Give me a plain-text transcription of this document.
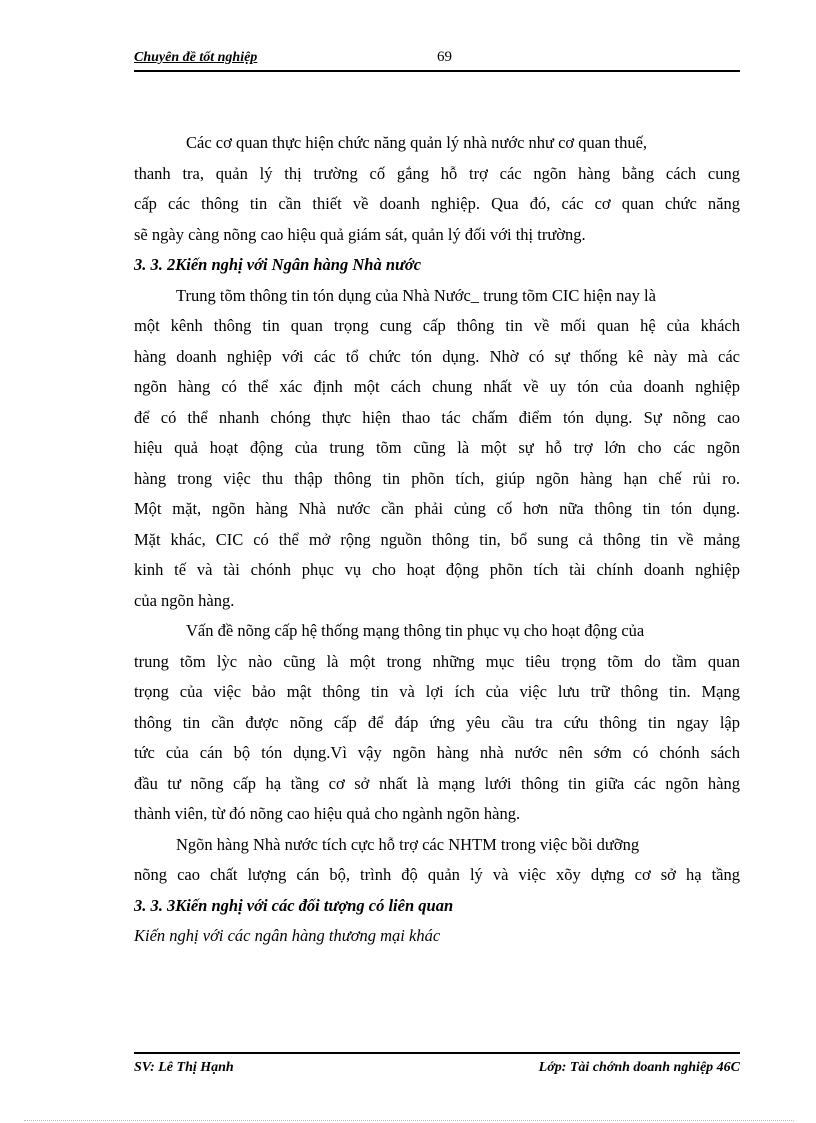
Chuyên đề tốt nghiệp	69
Các cơ quan thực hiện chức năng quản lý nhà nước như cơ quan thuế,
thanh tra, quản lý thị trường cố gắng hỗ trợ các ngõn hàng bằng cách cung
cấp các thông tin cần thiết về doanh nghiệp. Qua đó, các cơ quan chức năng
sẽ ngày càng nõng cao hiệu quả giám sát, quản lý đối với thị trường.
3. 3. 2Kiến nghị với Ngân hàng Nhà nước
Trung tõm thông tin tón dụng của Nhà Nước_ trung tõm CIC hiện nay là
một kênh thông tin quan trọng cung cấp thông tin về mối quan hệ của khách
hàng doanh nghiệp với các tổ chức tón dụng. Nhờ có sự thống kê này mà các
ngõn hàng có thể xác định một cách chung nhất về uy tón của doanh nghiệp
để có thể nhanh chóng thực hiện thao tác chấm điểm tón dụng. Sự nõng cao
hiệu quả hoạt động của trung tõm cũng là một sự hỗ trợ lớn cho các ngõn
hàng trong việc thu thập thông tin phõn tích, giúp ngõn hàng hạn chế rủi ro.
Một mặt, ngõn hàng Nhà nước cần phải củng cố hơn nữa thông tin tón dụng.
Mặt khác, CIC có thể mở rộng nguồn thông tin, bổ sung cả thông tin về mảng
kinh tế và tài chónh phục vụ cho hoạt động phõn tích tài chính doanh nghiệp
của ngõn hàng.
Vấn đề nõng cấp hệ thống mạng thông tin phục vụ cho hoạt động của
trung tõm lỳc nào cũng là một trong những mục tiêu trọng tõm do tầm quan
trọng của việc bảo mật thông tin và lợi ích của việc lưu trữ thông tin. Mạng
thông tin cần được nõng cấp để đáp ứng yêu cầu tra cứu thông tin ngay lập
tức của cán bộ tón dụng.Vì vậy ngõn hàng nhà nước nên sớm có chónh sách
đầu tư nõng cấp hạ tầng cơ sở nhất là mạng lưới thông tin giữa các ngõn hàng
thành viên, từ đó nõng cao hiệu quả cho ngành ngõn hàng.
Ngõn hàng Nhà nước tích cực hỗ trợ các NHTM trong việc bồi dưỡng
nõng cao chất lượng cán bộ, trình độ quản lý và việc xõy dựng cơ sở hạ tầng
3. 3. 3Kiến nghị với các đối tượng có liên quan
Kiến nghị với các ngân hàng thương mại khác
SV: Lê Thị Hạnh	Lớp: Tài chớnh doanh nghiệp 46C
